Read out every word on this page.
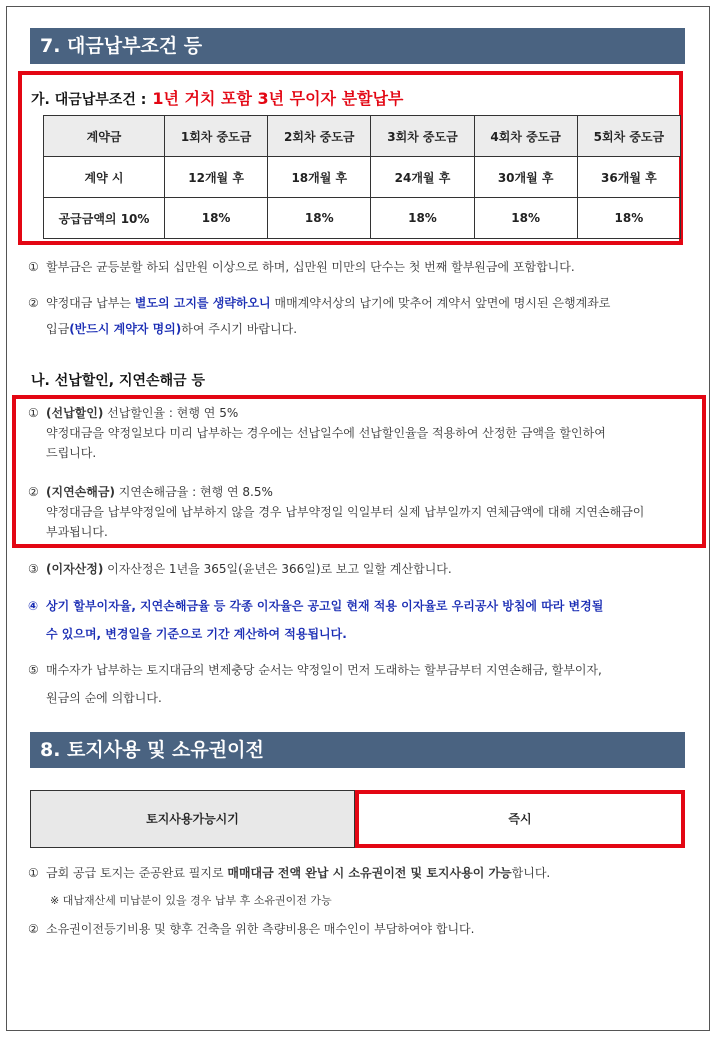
7. 대금납부조건 등
가. 대금납부조건 : 1년 거치 포함 3년 무이자 분할납부
계약금	1회차 중도금	2회차 중도금	3회차 중도금	4회차 중도금	5회차 중도금
계약 시	12개월 후	18개월 후	24개월 후	30개월 후	36개월 후
공급금액의 10%	18%	18%	18%	18%	18%
① 할부금은 균등분할 하되 십만원 이상으로 하며, 십만원 미만의 단수는 첫 번째 할부원금에 포함합니다.
② 약정대금 납부는 별도의 고지를 생략하오니 매매계약서상의 납기에 맞추어 계약서 앞면에 명시된 은행계좌로
입금(반드시 계약자 명의)하여 주시기 바랍니다.
나. 선납할인, 지연손해금 등
① (선납할인) 선납할인율 : 현행 연 5%
약정대금을 약정일보다 미리 납부하는 경우에는 선납일수에 선납할인율을 적용하여 산정한 금액을 할인하여
드립니다.
② (지연손해금) 지연손해금율 : 현행 연 8.5%
약정대금을 납부약정일에 납부하지 않을 경우 납부약정일 익일부터 실제 납부일까지 연체금액에 대해 지연손해금이
부과됩니다.
③ (이자산정) 이자산정은 1년을 365일(윤년은 366일)로 보고 일할 계산합니다.
④ 상기 할부이자율, 지연손해금율 등 각종 이자율은 공고일 현재 적용 이자율로 우리공사 방침에 따라 변경될
수 있으며, 변경일을 기준으로 기간 계산하여 적용됩니다.
⑤ 매수자가 납부하는 토지대금의 변제충당 순서는 약정일이 먼저 도래하는 할부금부터 지연손해금, 할부이자,
원금의 순에 의합니다.
8. 토지사용 및 소유권이전
토지사용가능시기	즉시
① 금회 공급 토지는 준공완료 필지로 매매대금 전액 완납 시 소유권이전 및 토지사용이 가능합니다.
※ 대납재산세 미납분이 있을 경우 납부 후 소유권이전 가능
② 소유권이전등기비용 및 향후 건축을 위한 측량비용은 매수인이 부담하여야 합니다.
